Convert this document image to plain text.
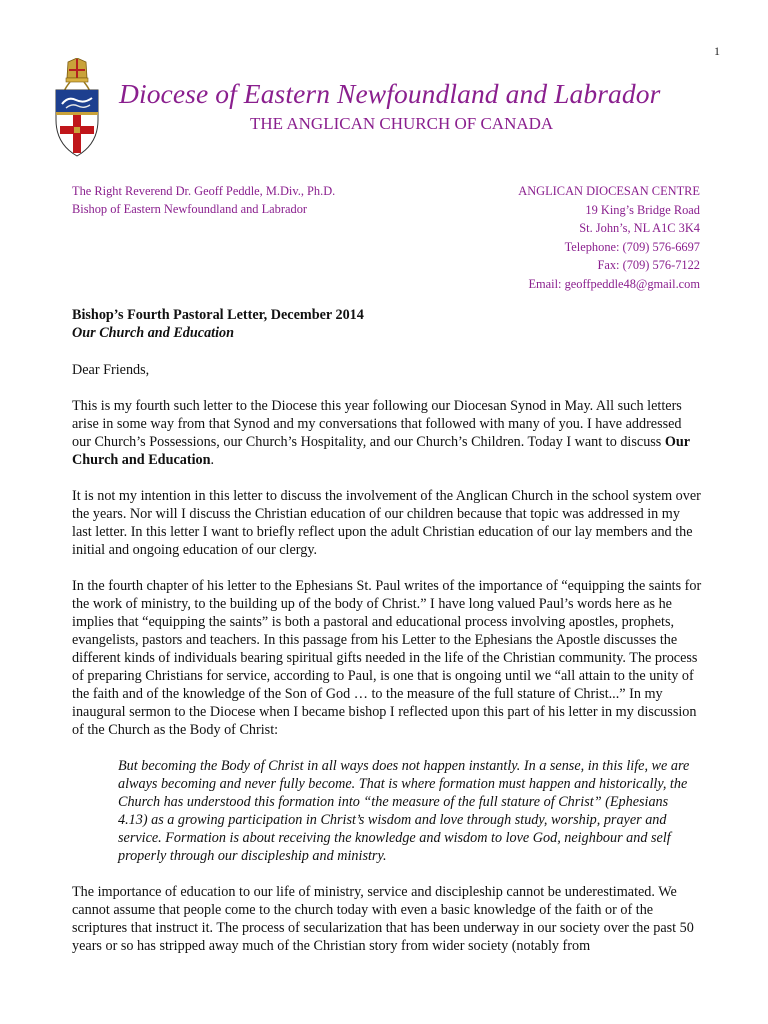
1
Diocese of Eastern Newfoundland and Labrador
THE ANGLICAN CHURCH OF CANADA
The Right Reverend Dr. Geoff Peddle, M.Div., Ph.D.
Bishop of Eastern Newfoundland and Labrador
ANGLICAN DIOCESAN CENTRE
19 King’s Bridge Road
St. John’s, NL A1C 3K4
Telephone: (709) 576-6697
Fax: (709) 576-7122
Email: geoffpeddle48@gmail.com
Bishop’s Fourth Pastoral Letter, December 2014
Our Church and Education
Dear Friends,
This is my fourth such letter to the Diocese this year following our Diocesan Synod in May. All such letters arise in some way from that Synod and my conversations that followed with many of you. I have addressed our Church’s Possessions, our Church’s Hospitality, and our Church’s Children. Today I want to discuss Our Church and Education.
It is not my intention in this letter to discuss the involvement of the Anglican Church in the school system over the years. Nor will I discuss the Christian education of our children because that topic was addressed in my last letter. In this letter I want to briefly reflect upon the adult Christian education of our lay members and the initial and ongoing education of our clergy.
In the fourth chapter of his letter to the Ephesians St. Paul writes of the importance of “equipping the saints for the work of ministry, to the building up of the body of Christ.” I have long valued Paul’s words here as he implies that “equipping the saints” is both a pastoral and educational process involving apostles, prophets, evangelists, pastors and teachers. In this passage from his Letter to the Ephesians the Apostle discusses the different kinds of individuals bearing spiritual gifts needed in the life of the Christian community. The process of preparing Christians for service, according to Paul, is one that is ongoing until we “all attain to the unity of the faith and of the knowledge of the Son of God … to the measure of the full stature of Christ...” In my inaugural sermon to the Diocese when I became bishop I reflected upon this part of his letter in my discussion of the Church as the Body of Christ:
But becoming the Body of Christ in all ways does not happen instantly. In a sense, in this life, we are always becoming and never fully become. That is where formation must happen and historically, the Church has understood this formation into “the measure of the full stature of Christ” (Ephesians 4.13) as a growing participation in Christ’s wisdom and love through study, worship, prayer and service. Formation is about receiving the knowledge and wisdom to love God, neighbour and self properly through our discipleship and ministry.
The importance of education to our life of ministry, service and discipleship cannot be underestimated. We cannot assume that people come to the church today with even a basic knowledge of the faith or of the scriptures that instruct it. The process of secularization that has been underway in our society over the past 50 years or so has stripped away much of the Christian story from wider society (notably from
